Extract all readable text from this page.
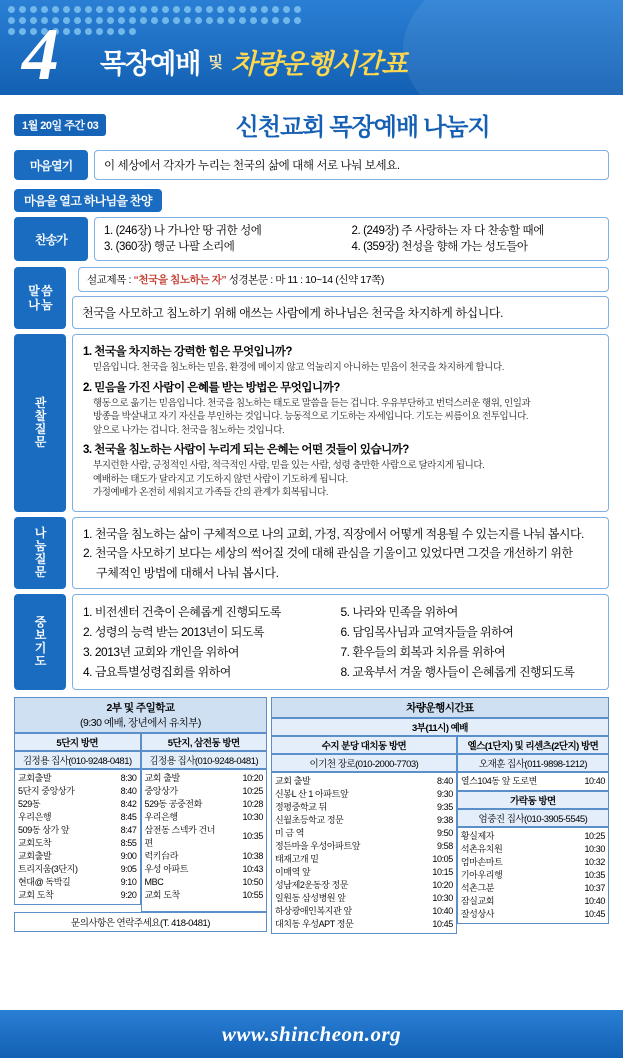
4 목장예배 및 차량운행시간표
1월 20일 주간 03	신천교회 목장예배 나눔지
마음열기	이 세상에서 각자가 누리는 천국의 삶에 대해 서로 나눠 보세요.
마음을 열고 하나님을 찬양
찬송가
1. (246장) 나 가나안 땅 귀한 성에	2. (249장) 주 사랑하는 자 다 찬송할 때에
3. (360장) 행군 나팔 소리에	4. (359장) 천성을 향해 가는 성도들아
말 씀
나 눔
설교제목 : “천국을 침노하는 자” 성경본문 : 마 11 : 10~14 (신약 17쪽)
천국을 사모하고 침노하기 위해 애쓰는 사람에게 하나님은 천국을 차지하게 하십니다.
관
찰
질
문
1. 천국을 차지하는 강력한 힘은 무엇입니까?
믿음입니다. 천국을 침노하는 믿음, 환경에 메이지 않고 억눌리지 아니하는 믿음이 천국을 차지하게 합니다.
2. 믿음을 가진 사람이 은혜를 받는 방법은 무엇입니까?
행동으로 옮기는 믿음입니다. 천국을 침노하는 태도로 말씀을 듣는 겁니다. 우유부단하고 번덕스러운 행위, 인일과
방종을 박살내고 자기 자신을 부인하는 것입니다. 능동적으로 기도하는 자세입니다. 기도는 씨름이요 전투입니다.
앞으로 나가는 겁니다. 천국을 침노하는 것입니다.
3. 천국을 침노하는 사람이 누리게 되는 은혜는 어떤 것들이 있습니까?
부지런한 사람, 긍정적인 사람, 적극적인 사람, 믿을 있는 사람, 성령 충만한 사람으로 달라지게 됩니다.
예배하는 태도가 달라지고 기도하지 않던 사람이 기도하게 됩니다.
가정예배가 온전히 세워지고 가족들 간의 관계가 회복됩니다.
나
눔
질
문
1. 천국을 침노하는 삶이 구체적으로 나의 교회, 가정, 직장에서 어떻게 적용될 수 있는지를 나눠 봅시다.
2. 천국을 사모하기 보다는 세상의 썩어질 것에 대해 관심을 기울이고 있었다면 그것을 개선하기 위한
구체적인 방법에 대해서 나눠 봅시다.
중
보
기
도
1. 비전센터 건축이 은혜롭게 진행되도록
2. 성령의 능력 받는 2013년이 되도록
3. 2013년 교회와 개인을 위하여
4. 금요특별성령집회를 위하여
5. 나라와 민족을 위하여
6. 담임목사님과 교역자들을 위하여
7. 환우들의 회복과 치유를 위하여
8. 교육부서 겨울 행사들이 은혜롭게 진행되도록
2부 및 주일학교
(9:30 예배, 장년에서 유치부)
5단지 방면
김정용 집사(010-9248-0481)
교회출발	8:30
5단지 중앙상가	8:40
529동	8:42
우리은행	8:45
509동 상가 앞	8:47
교회도착	8:55
교회출발	9:00
트리지움(3단지)	9:05
현대@ 독박길	9:10
교회 도착	9:20
5단지, 삼전동 방면
김정용 집사(010-9248-0481)
교회 출발	10:20
중앙상가	10:25
529동 공중전화	10:28
우리은행	10:30
삼전동 스넥카 건너편	10:35
럭키台라	10:38
우성 아파트	10:43
MBC	10:50
교회 도착	10:55
문의사항은 연락주세요(T. 418-0481)
차량운행시간표
3부(11시) 예배
수지 분당 대치동 방면
이기천 장로(010-2000-7703)
교회 출발	8:40
신봉L 산 1 아파트앞	9:30
정평중학교 뒤	9:35
신월초등학교 정문	9:38
미 금 역	9:50
정든마을 우성아파트앞	9:58
태재고개 밑	10:05
이매역 앞	10:15
성남제2운동장 정문	10:20
일원동 삼성병원 앞	10:30
하상광애인복지관 앞	10:40
대치동 우성APT 정문	10:45
엘스(1단지) 및 리센츠(2단지) 방면
오재훈 집사(011-9898-1212)
열스104동 앞 도로변	10:40
가락동 방면
엄중진 집사(010-3905-5545)
황실제자	10:25
석촌유치원	10:30
엄마손마트	10:32
기아우리행	10:35
석촌그분	10:37
잠실교회	10:40
잘성상사	10:45
www.shincheon.org
